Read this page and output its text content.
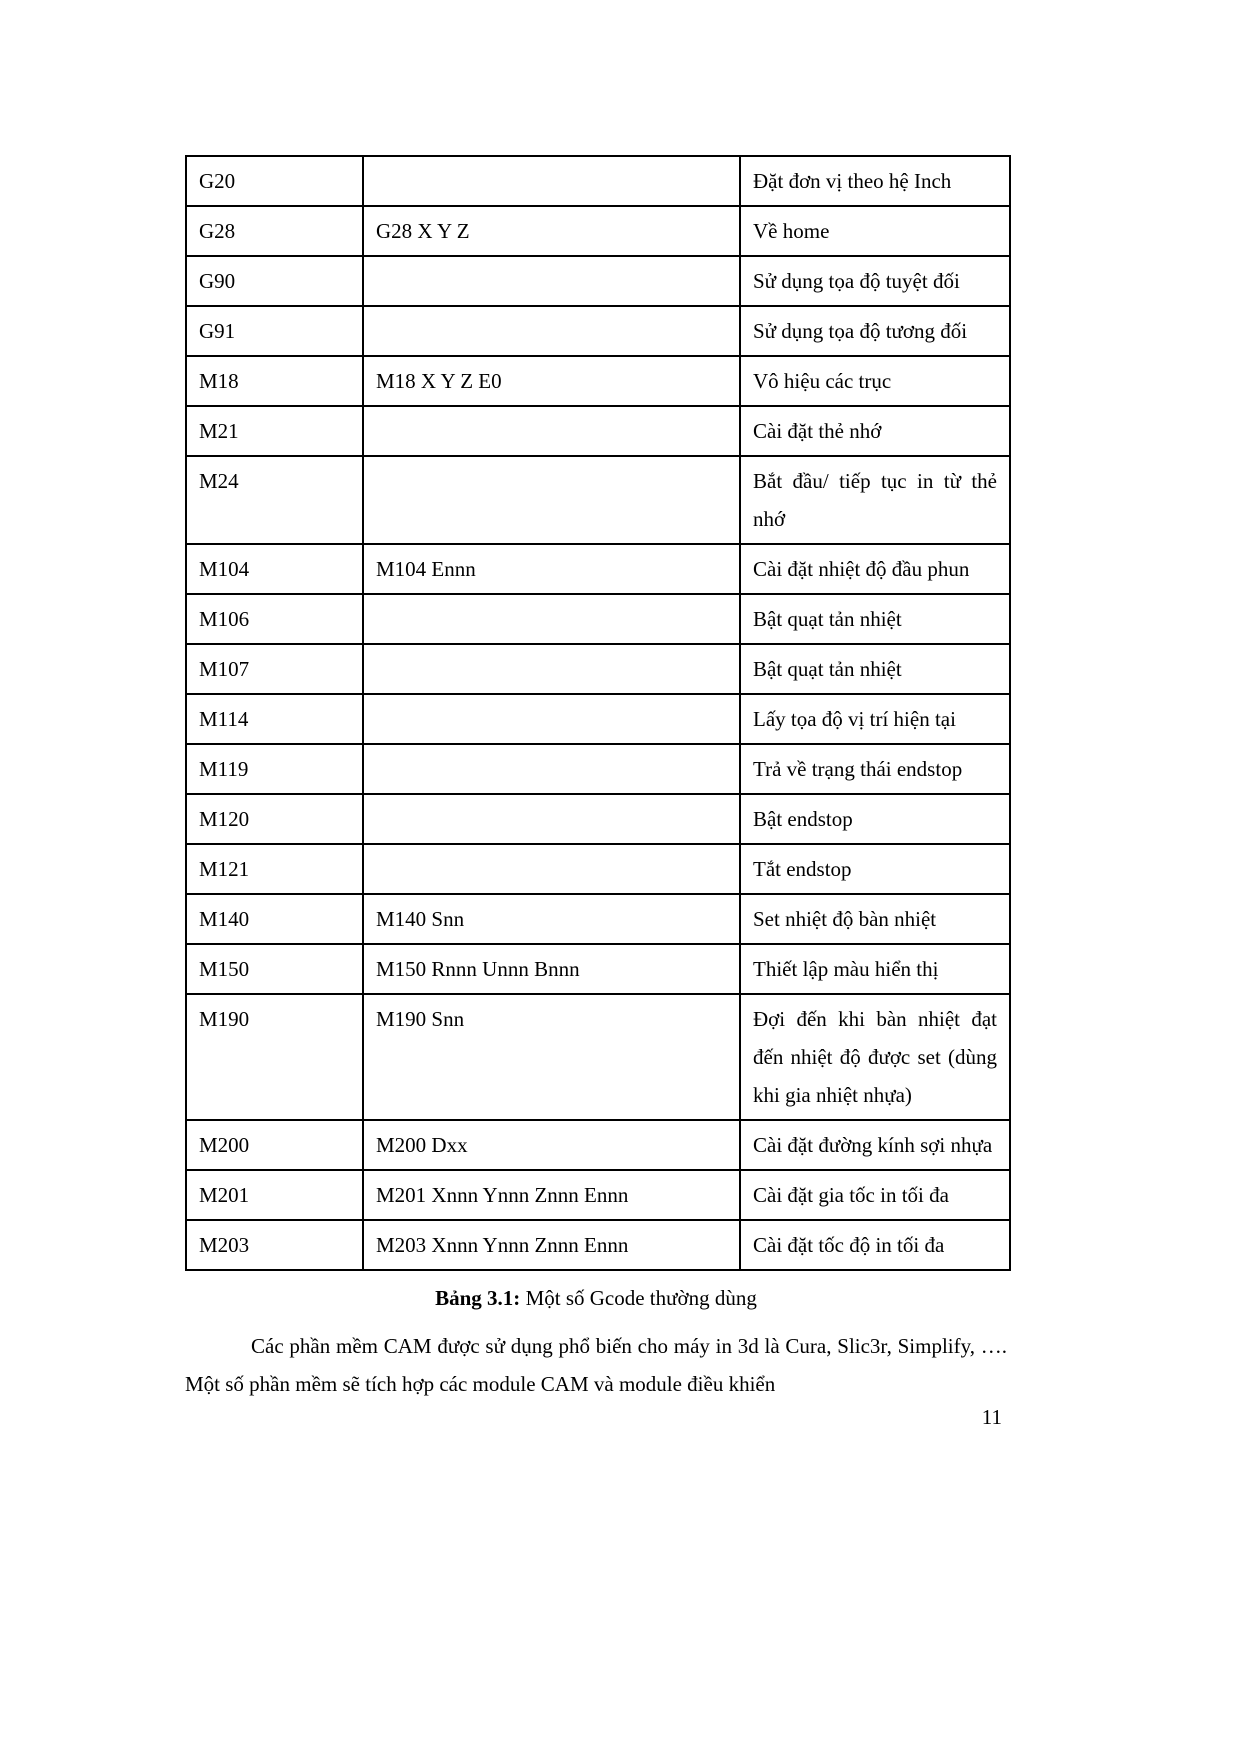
G20		Đặt đơn vị theo hệ Inch
G28	G28 X Y Z	Về home
G90		Sử dụng tọa độ tuyệt đối
G91		Sử dụng tọa độ tương đối
M18	M18 X Y Z E0	Vô hiệu các trục
M21		Cài đặt thẻ nhớ
M24		Bắt đầu/ tiếp tục in từ thẻ nhớ
M104	M104 Ennn	Cài đặt nhiệt độ đầu phun
M106		Bật quạt tản nhiệt
M107		Bật quạt tản nhiệt
M114		Lấy tọa độ vị trí hiện tại
M119		Trả về trạng thái endstop
M120		Bật endstop
M121		Tắt endstop
M140	M140 Snn	Set nhiệt độ bàn nhiệt
M150	M150 Rnnn Unnn Bnnn	Thiết lập màu hiển thị
M190	M190 Snn	Đợi đến khi bàn nhiệt đạt đến nhiệt độ được set (dùng khi gia nhiệt nhựa)
M200	M200 Dxx	Cài đặt đường kính sợi nhựa
M201	M201 Xnnn Ynnn Znnn Ennn	Cài đặt gia tốc in tối đa
M203	M203 Xnnn Ynnn Znnn Ennn	Cài đặt tốc độ in tối đa
Bảng 3.1: Một số Gcode thường dùng
Các phần mềm CAM được sử dụng phổ biến cho máy in 3d là Cura, Slic3r, Simplify, …. Một số phần mềm sẽ tích hợp các module CAM và module điều khiển
11
